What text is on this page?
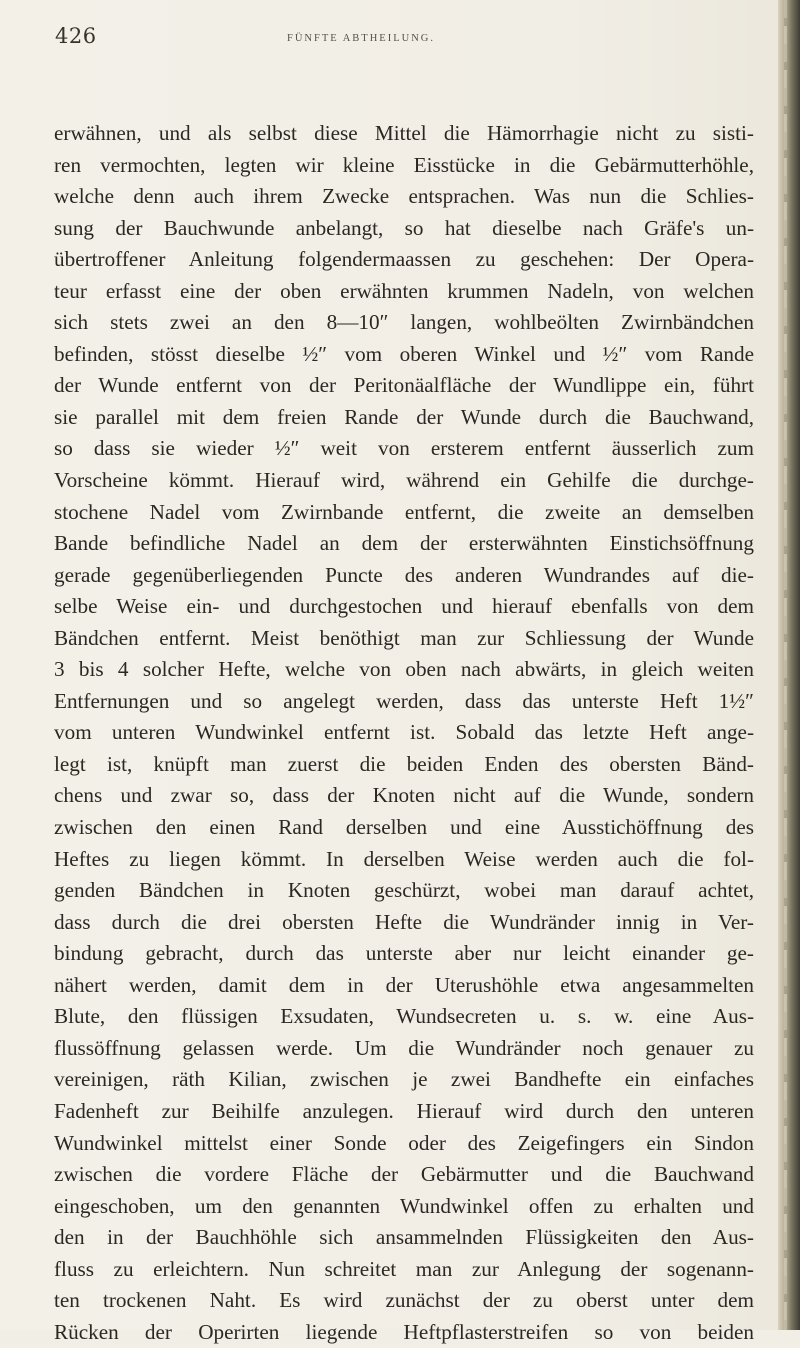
426	FÜNFTE ABTHEILUNG.
erwähnen, und als selbst diese Mittel die Hämorrhagie nicht zu sisti-
ren vermochten, legten wir kleine Eisstücke in die Gebärmutterhöhle,
welche denn auch ihrem Zwecke entsprachen. Was nun die Schlies-
sung der Bauchwunde anbelangt, so hat dieselbe nach Gräfe's un-
übertroffener Anleitung folgendermaassen zu geschehen: Der Opera-
teur erfasst eine der oben erwähnten krummen Nadeln, von welchen
sich stets zwei an den 8—10″ langen, wohlbeölten Zwirnbändchen
befinden, stösst dieselbe ½″ vom oberen Winkel und ½″ vom Rande
der Wunde entfernt von der Peritonäalfläche der Wundlippe ein, führt
sie parallel mit dem freien Rande der Wunde durch die Bauchwand,
so dass sie wieder ½″ weit von ersterem entfernt äusserlich zum
Vorscheine kömmt. Hierauf wird, während ein Gehilfe die durchge-
stochene Nadel vom Zwirnbande entfernt, die zweite an demselben
Bande befindliche Nadel an dem der ersterwähnten Einstichsöffnung
gerade gegenüberliegenden Puncte des anderen Wundrandes auf die-
selbe Weise ein- und durchgestochen und hierauf ebenfalls von dem
Bändchen entfernt. Meist benöthigt man zur Schliessung der Wunde
3 bis 4 solcher Hefte, welche von oben nach abwärts, in gleich weiten
Entfernungen und so angelegt werden, dass das unterste Heft 1½″
vom unteren Wundwinkel entfernt ist. Sobald das letzte Heft ange-
legt ist, knüpft man zuerst die beiden Enden des obersten Bänd-
chens und zwar so, dass der Knoten nicht auf die Wunde, sondern
zwischen den einen Rand derselben und eine Ausstichöffnung des
Heftes zu liegen kömmt. In derselben Weise werden auch die fol-
genden Bändchen in Knoten geschürzt, wobei man darauf achtet,
dass durch die drei obersten Hefte die Wundränder innig in Ver-
bindung gebracht, durch das unterste aber nur leicht einander ge-
nähert werden, damit dem in der Uterushöhle etwa angesammelten
Blute, den flüssigen Exsudaten, Wundsecreten u. s. w. eine Aus-
flussöffnung gelassen werde. Um die Wundränder noch genauer zu
vereinigen, räth Kilian, zwischen je zwei Bandhefte ein einfaches
Fadenheft zur Beihilfe anzulegen. Hierauf wird durch den unteren
Wundwinkel mittelst einer Sonde oder des Zeigefingers ein Sindon
zwischen die vordere Fläche der Gebärmutter und die Bauchwand
eingeschoben, um den genannten Wundwinkel offen zu erhalten und
den in der Bauchhöhle sich ansammelnden Flüssigkeiten den Aus-
fluss zu erleichtern. Nun schreitet man zur Anlegung der sogenann-
ten trockenen Naht. Es wird zunächst der zu oberst unter dem
Rücken der Operirten liegende Heftpflasterstreifen so von beiden
